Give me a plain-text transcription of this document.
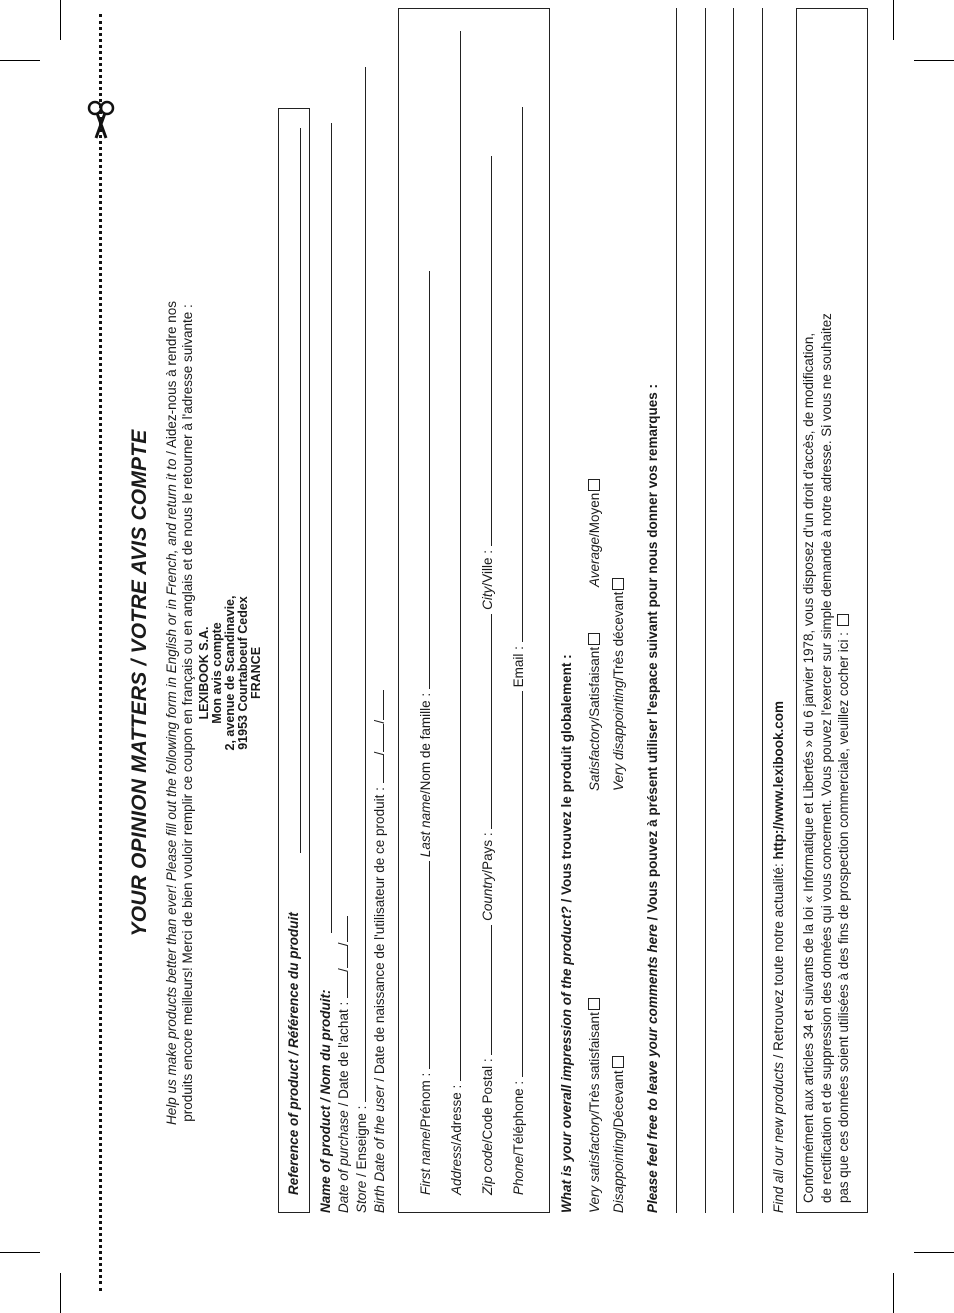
YOUR OPINION MATTERS / VOTRE AVIS COMPTE Help us make products better than ever! Please fill out the following form in English or in French, and return it to / Aidez-nous à rendre nos
produits encore meilleurs! Merci de bien vouloir remplir ce coupon en français ou en anglais et de nous le retourner à l'adresse suivante : LEXIBOOK S.A. Mon avis compte 2, avenue de Scandinavie, 91953 Courtaboeuf Cedex FRANCE
Reference of product / Référence du produit Name of product / Nom du produit: Date of purchase / Date de l'achat : //
Store / Enseigne : Birth Date of the user / Date de naissance de l'utilisateur de ce produit : //
First name/Prénom :  Last name/Nom de famille :
Address/Adresse :
Zip code/Code Postal :  Country/Pays :  City/Ville :
Phone/Téléphone :  Email :
What is your overall impression of the product? / Vous trouvez le produit globalement :
Very satisfactory/Très satisfaisant
Satisfactory/Satisfaisant
Average/Moyen
Disappointing/Décevant
Very disappointing/Très décevant
Please feel free to leave your comments here / Vous pouvez à présent utiliser l'espace suivant pour nous donner vos remarques :
Find all our new products / Retrouvez toute notre actualité: http://www.lexibook.com Conformément aux articles 34 et suivants de la loi « Informatique et Libertés » du 6 janvier 1978, vous disposez d'un droit d'accès, de modification, de rectification et de suppression des données qui vous concernent. Vous pouvez l'exercer sur simple demande à notre adresse. Si vous ne souhaitez pas que ces données soient utilisées à des fins de prospection commerciale, veuillez cocher ici :
